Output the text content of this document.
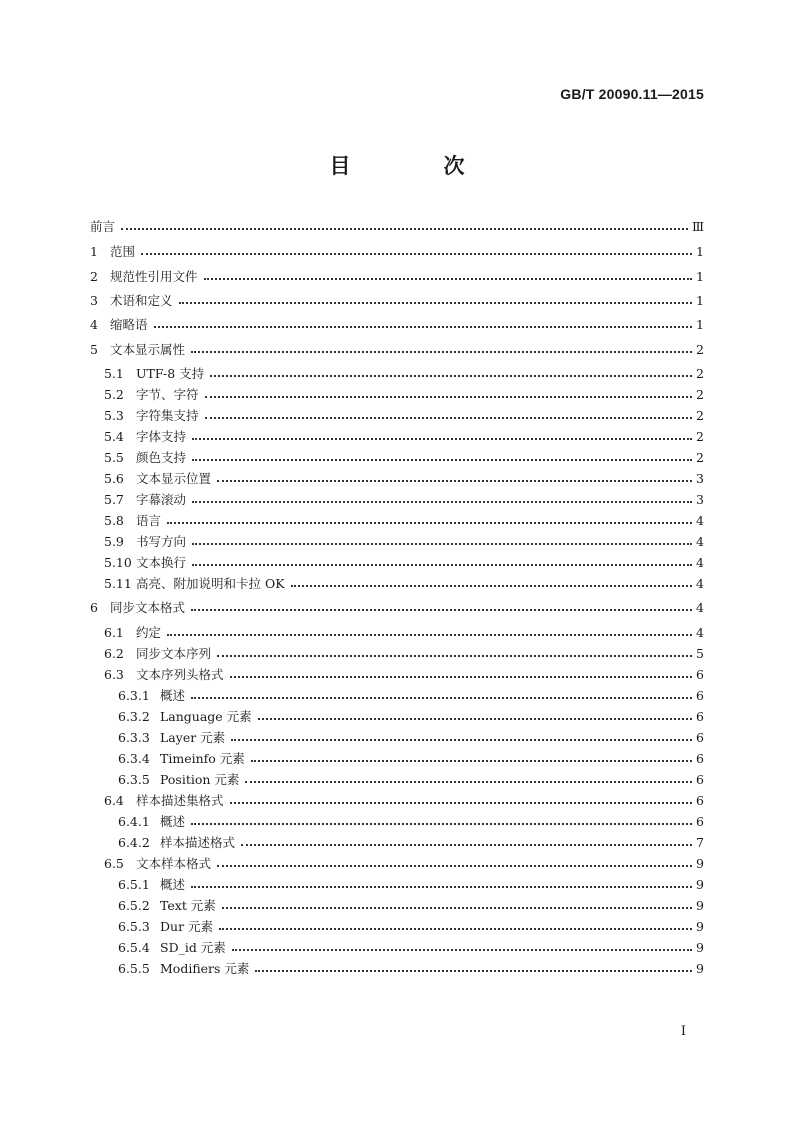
GB/T 20090.11—2015
目　次
前言	Ⅲ
1 范围	1
2 规范性引用文件	1
3 术语和定义	1
4 缩略语	1
5 文本显示属性	2
5.1 UTF-8 支持	2
5.2 字节、字符	2
5.3 字符集支持	2
5.4 字体支持	2
5.5 颜色支持	2
5.6 文本显示位置	3
5.7 字幕滚动	3
5.8 语言	4
5.9 书写方向	4
5.10 文本换行	4
5.11 高亮、附加说明和卡拉 OK	4
6 同步文本格式	4
6.1 约定	4
6.2 同步文本序列	5
6.3 文本序列头格式	6
6.3.1 概述	6
6.3.2 Language 元素	6
6.3.3 Layer 元素	6
6.3.4 Timeinfo 元素	6
6.3.5 Position 元素	6
6.4 样本描述集格式	6
6.4.1 概述	6
6.4.2 样本描述格式	7
6.5 文本样本格式	9
6.5.1 概述	9
6.5.2 Text 元素	9
6.5.3 Dur 元素	9
6.5.4 SD_id 元素	9
6.5.5 Modifiers 元素	9
I
